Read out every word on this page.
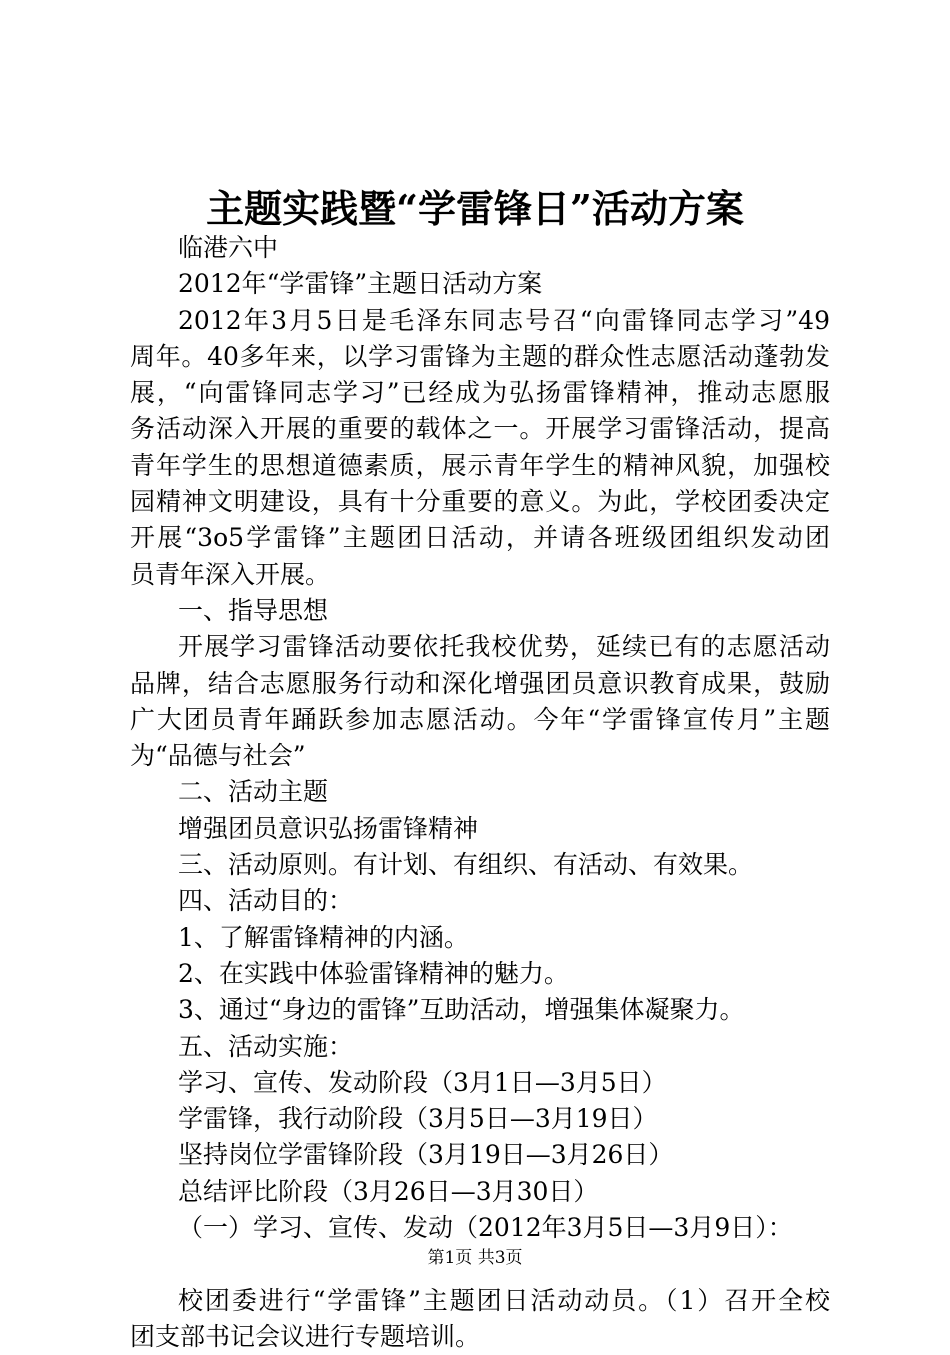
主题实践暨“学雷锋日”活动方案
临港六中
2012年“学雷锋”主题日活动方案
2012年3月5日是毛泽东同志号召“向雷锋同志学习”49
周年。40多年来，以学习雷锋为主题的群众性志愿活动蓬勃发
展，“向雷锋同志学习”已经成为弘扬雷锋精神，推动志愿服
务活动深入开展的重要的载体之一。开展学习雷锋活动，提高
青年学生的思想道德素质，展示青年学生的精神风貌，加强校
园精神文明建设，具有十分重要的意义。为此，学校团委决定
开展“3o5学雷锋”主题团日活动，并请各班级团组织发动团
员青年深入开展。
一、指导思想
开展学习雷锋活动要依托我校优势，延续已有的志愿活动
品牌，结合志愿服务行动和深化增强团员意识教育成果，鼓励
广大团员青年踊跃参加志愿活动。今年“学雷锋宣传月”主题
为“品德与社会”
二、活动主题
增强团员意识弘扬雷锋精神
三、活动原则。有计划、有组织、有活动、有效果。
四、活动目的：
1、了解雷锋精神的内涵。
2、在实践中体验雷锋精神的魅力。
3、通过“身边的雷锋”互助活动，增强集体凝聚力。
五、活动实施：
学习、宣传、发动阶段（3月1日—3月5日）
学雷锋，我行动阶段（3月5日—3月19日）
坚持岗位学雷锋阶段（3月19日—3月26日）
总结评比阶段（3月26日—3月30日）
（一）学习、宣传、发动（2012年3月5日—3月9日）：
校团委进行“学雷锋”主题团日活动动员。（1）召开全校
团支部书记会议进行专题培训。
第1页 共3页
